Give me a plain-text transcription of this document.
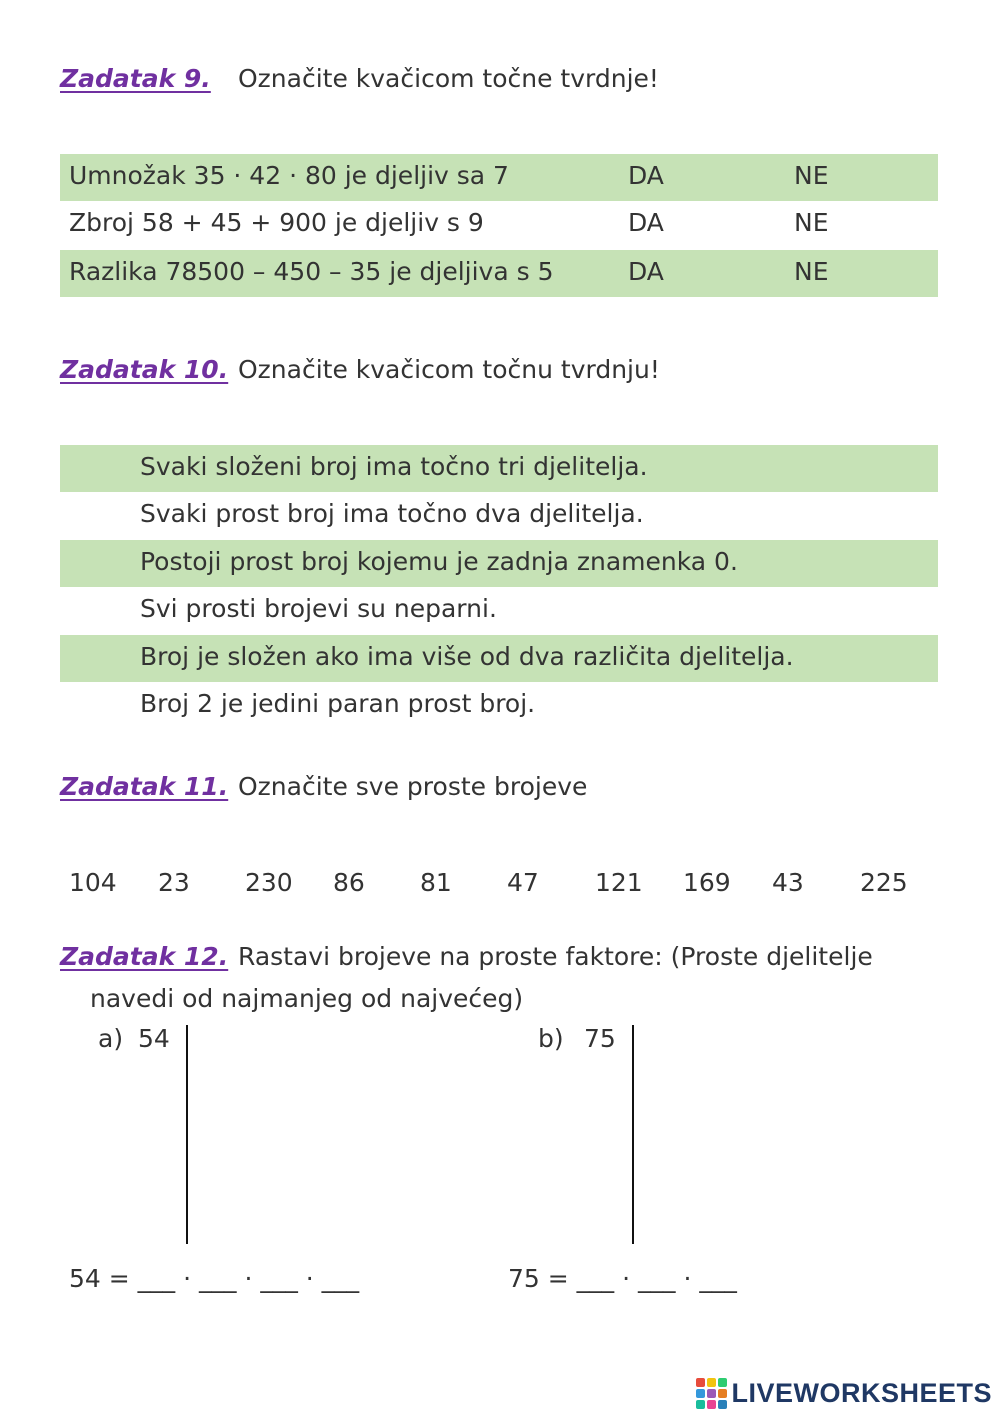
Zadatak 9. Označite kvačicom točne tvrdnje!
Umnožak 35 · 42 · 80 je djeljiv sa 7	DA	NE
Zbroj 58 + 45 + 900 je djeljiv s 9	DA	NE
Razlika 78500 – 450 – 35 je djeljiva s 5	DA	NE
Zadatak 10. Označite kvačicom točnu tvrdnju!
Svaki složeni broj ima točno tri djelitelja.
Svaki prost broj ima točno dva djelitelja.
Postoji prost broj kojemu je zadnja znamenka 0.
Svi prosti brojevi su neparni.
Broj je složen ako ima više od dva različita djelitelja.
Broj 2 je jedini paran prost broj.
Zadatak 11. Označite sve proste brojeve
104 23 230 86 81 47 121 169 43 225
Zadatak 12. Rastavi brojeve na proste faktore: (Proste djelitelje
navedi od najmanjeg od najvećeg)
a) 54	b) 75
54 = ___ · ___ · ___ · ___	75 = ___ · ___ · ___
LIVEWORKSHEETS
